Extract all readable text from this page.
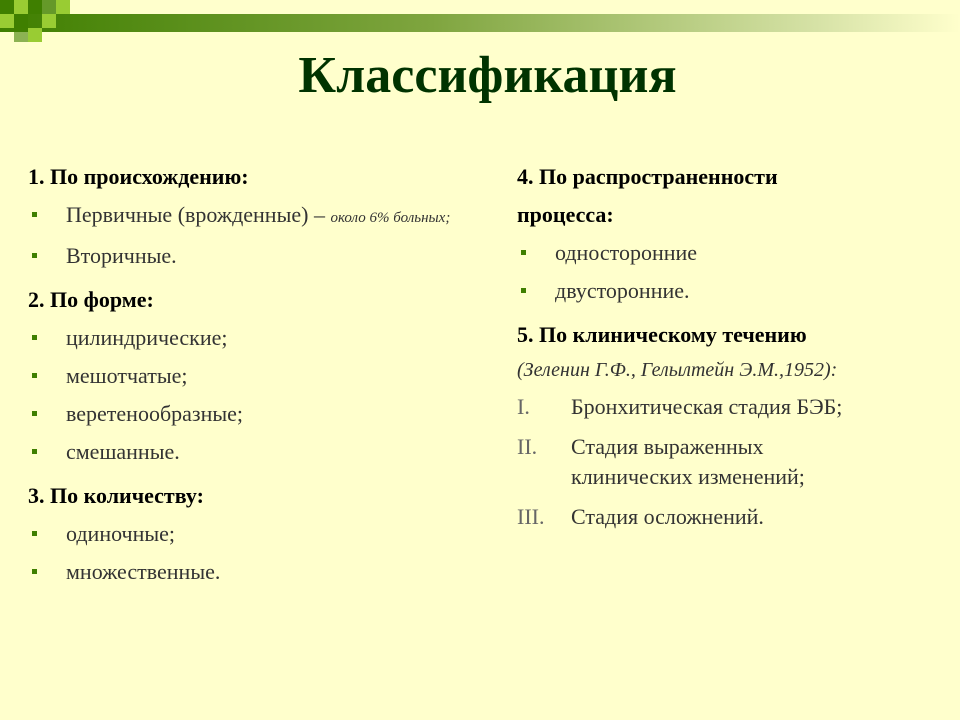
Классификация
1. По происхождению:
Первичные (врожденные) – около 6% больных;
Вторичные.
2. По форме:
цилиндрические;
мешотчатые;
веретенообразные;
смешанные.
3. По количеству:
одиночные;
множественные.
4. По распространенности
процесса:
односторонние
двусторонние.
5. По клиническому течению
(Зеленин Г.Ф., Гелылтейн Э.М.,1952):
I. Бронхитическая стадия БЭБ;
II. Стадия выраженных
клинических изменений;
III. Стадия осложнений.
